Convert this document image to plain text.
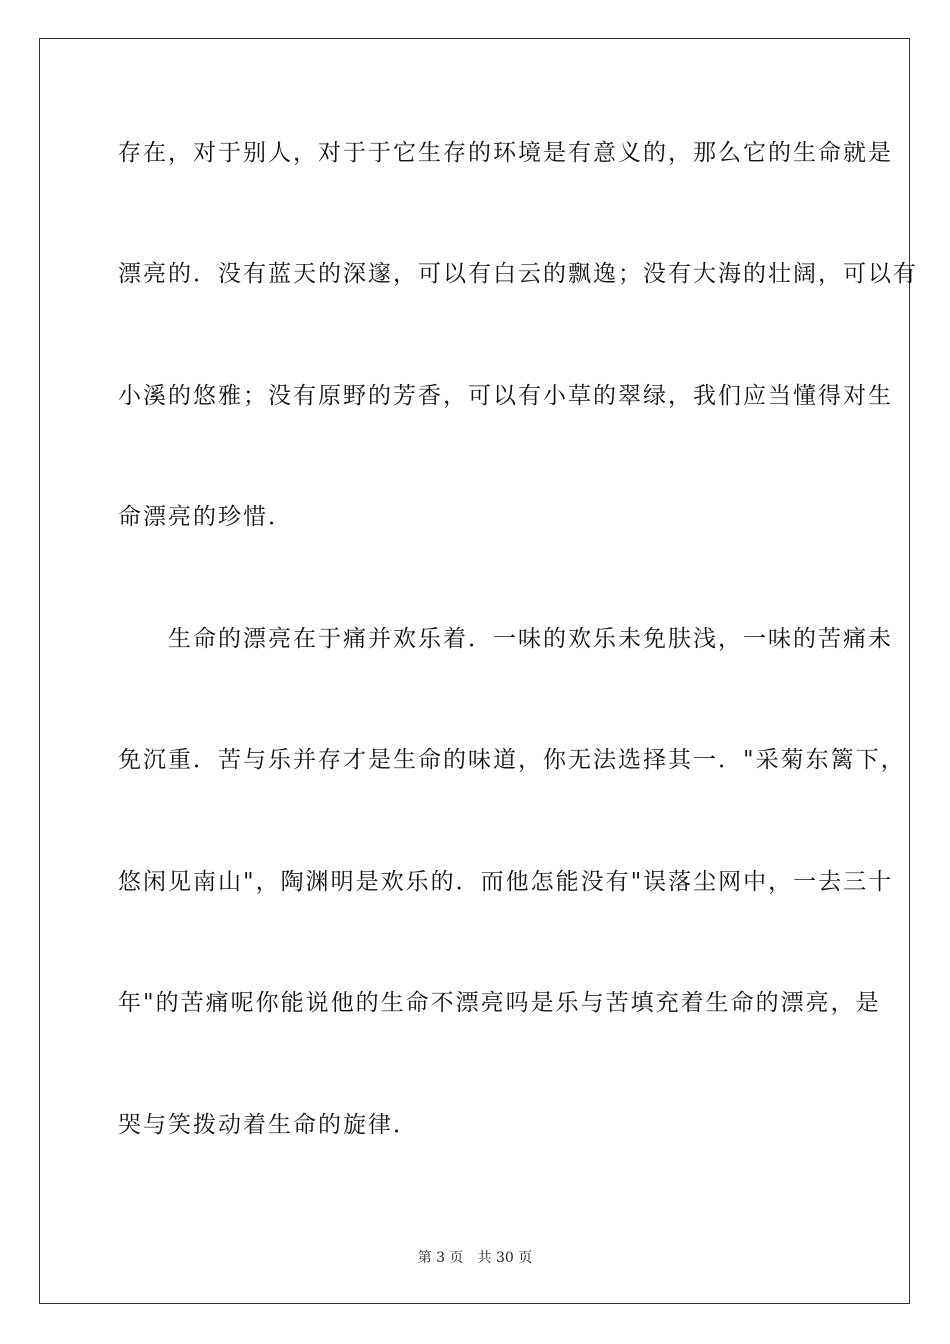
存在，对于别人，对于于它生存的环境是有意义的，那么它的生命就是
漂亮的．没有蓝天的深邃，可以有白云的飘逸；没有大海的壮阔，可以有
小溪的悠雅；没有原野的芳香，可以有小草的翠绿，我们应当懂得对生
命漂亮的珍惜．
　　生命的漂亮在于痛并欢乐着．一味的欢乐未免肤浅，一味的苦痛未
免沉重．苦与乐并存才是生命的味道，你无法选择其一．"采菊东篱下，
悠闲见南山"，陶渊明是欢乐的．而他怎能没有"误落尘网中，一去三十
年"的苦痛呢你能说他的生命不漂亮吗是乐与苦填充着生命的漂亮，是
哭与笑拨动着生命的旋律．
第 3 页 共 30 页
